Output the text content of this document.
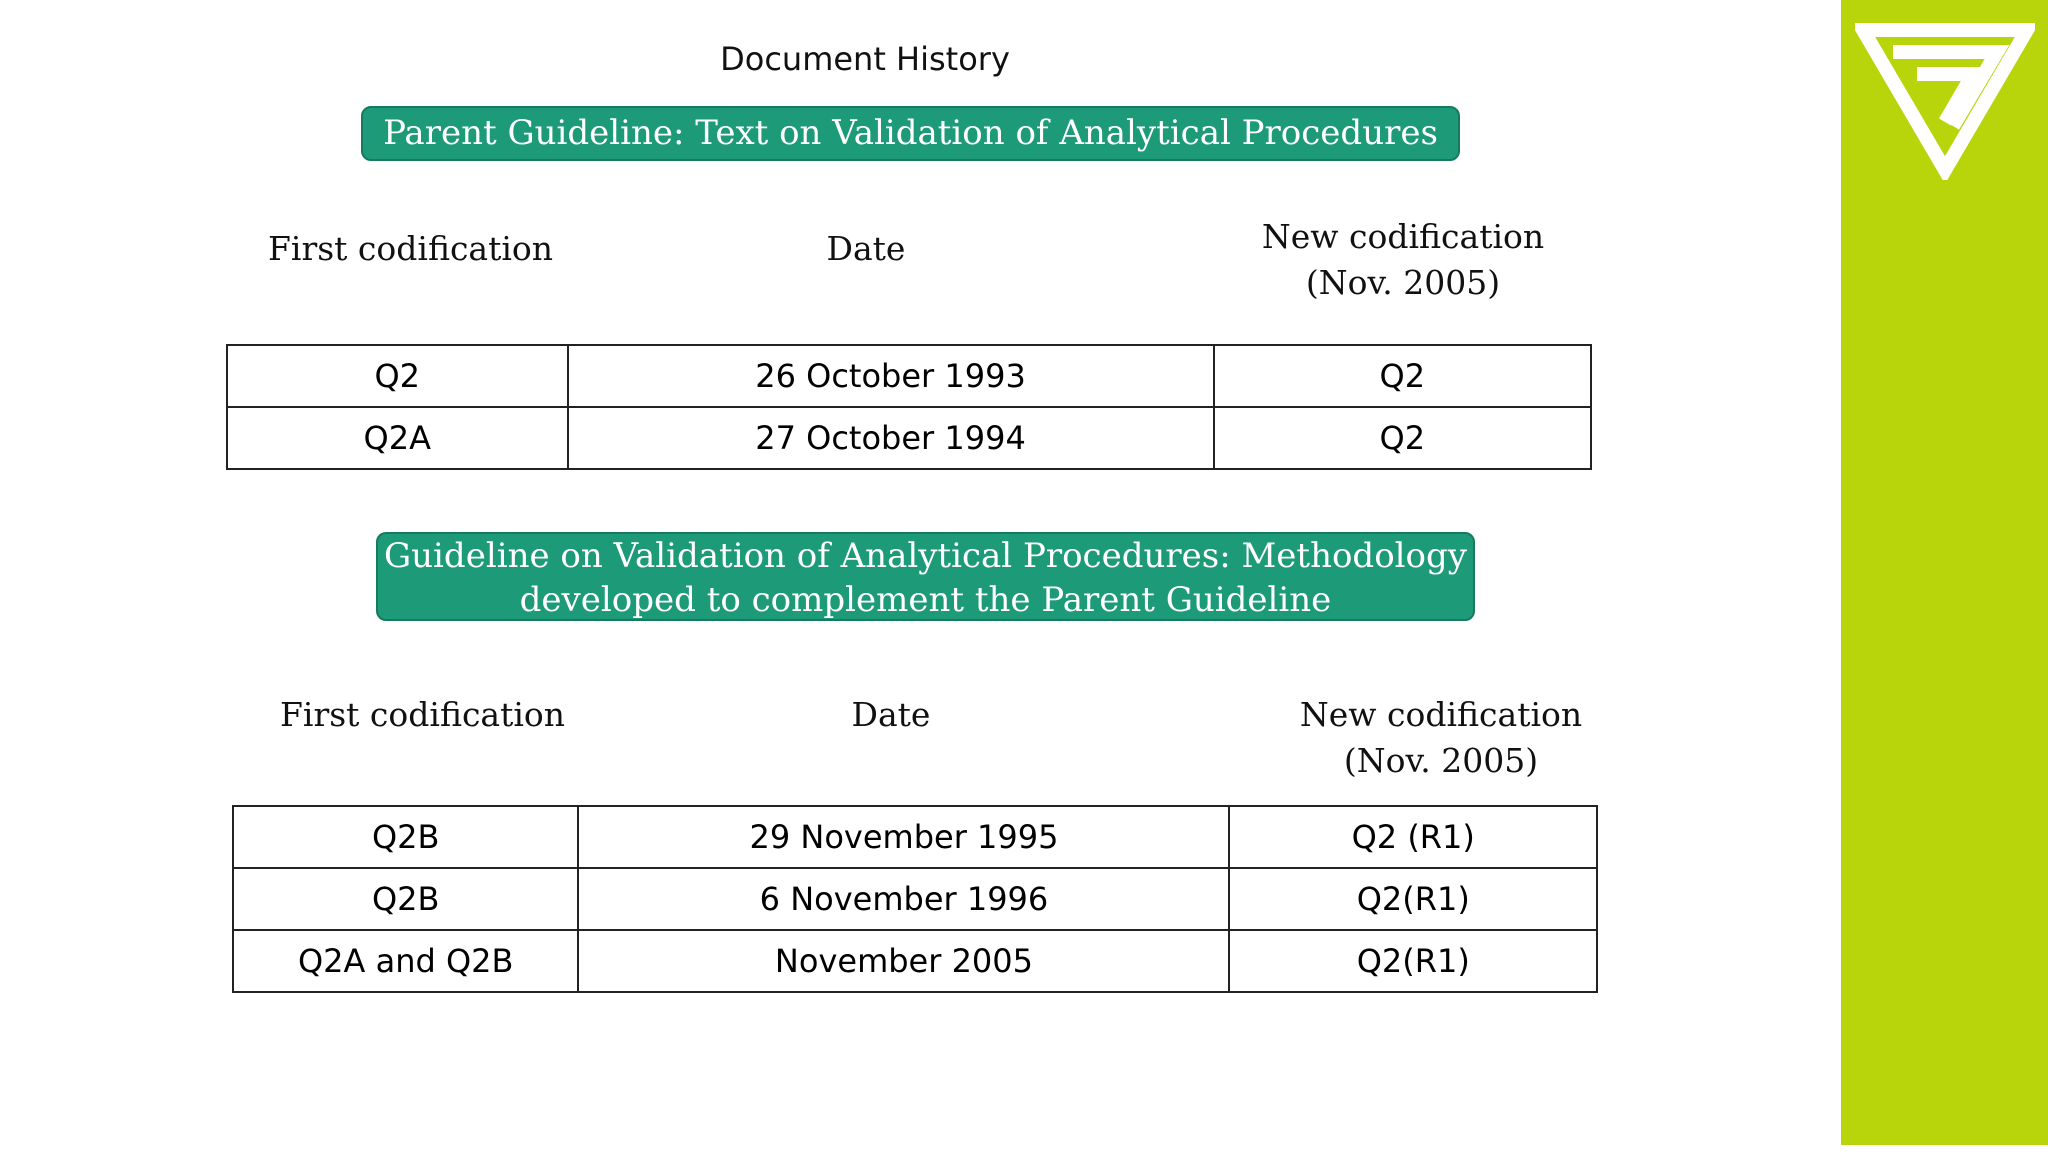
Document History
Parent Guideline: Text on Validation of Analytical Procedures
First codification	Date	New codification
(Nov. 2005)
Q2	26 October 1993	Q2
Q2A	27 October 1994	Q2
Guideline on Validation of Analytical Procedures: Methodology
developed to complement the Parent Guideline
First codification	Date	New codification
(Nov. 2005)
Q2B	29 November 1995	Q2 (R1)
Q2B	6 November 1996	Q2(R1)
Q2A and Q2B	November 2005	Q2(R1)
